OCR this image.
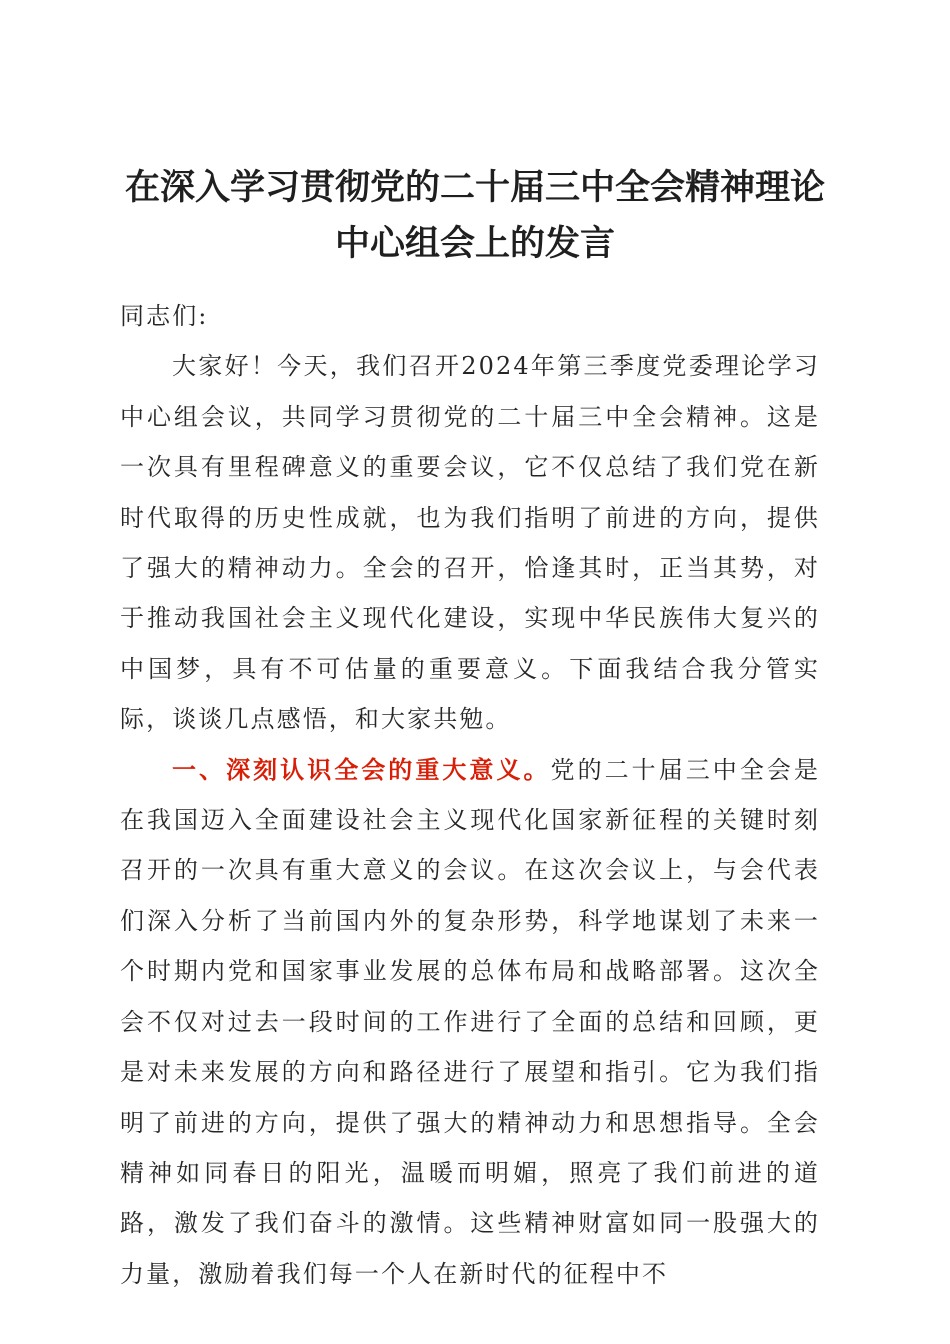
在深入学习贯彻党的二十届三中全会精神理论
中心组会上的发言

同志们:

大家好！今天，我们召开2024年第三季度党委理论学习中心组会议，共同学习贯彻党的二十届三中全会精神。这是一次具有里程碑意义的重要会议，它不仅总结了我们党在新时代取得的历史性成就，也为我们指明了前进的方向，提供了强大的精神动力。全会的召开，恰逢其时，正当其势，对于推动我国社会主义现代化建设，实现中华民族伟大复兴的中国梦，具有不可估量的重要意义。下面我结合我分管实际，谈谈几点感悟，和大家共勉。

一、深刻认识全会的重大意义。党的二十届三中全会是在我国迈入全面建设社会主义现代化国家新征程的关键时刻召开的一次具有重大意义的会议。在这次会议上，与会代表们深入分析了当前国内外的复杂形势，科学地谋划了未来一个时期内党和国家事业发展的总体布局和战略部署。这次全会不仅对过去一段时间的工作进行了全面的总结和回顾，更是对未来发展的方向和路径进行了展望和指引。它为我们指明了前进的方向，提供了强大的精神动力和思想指导。全会精神如同春日的阳光，温暖而明媚，照亮了我们前进的道路，激发了我们奋斗的激情。这些精神财富如同一股强大的力量，激励着我们每一个人在新时代的征程中不
